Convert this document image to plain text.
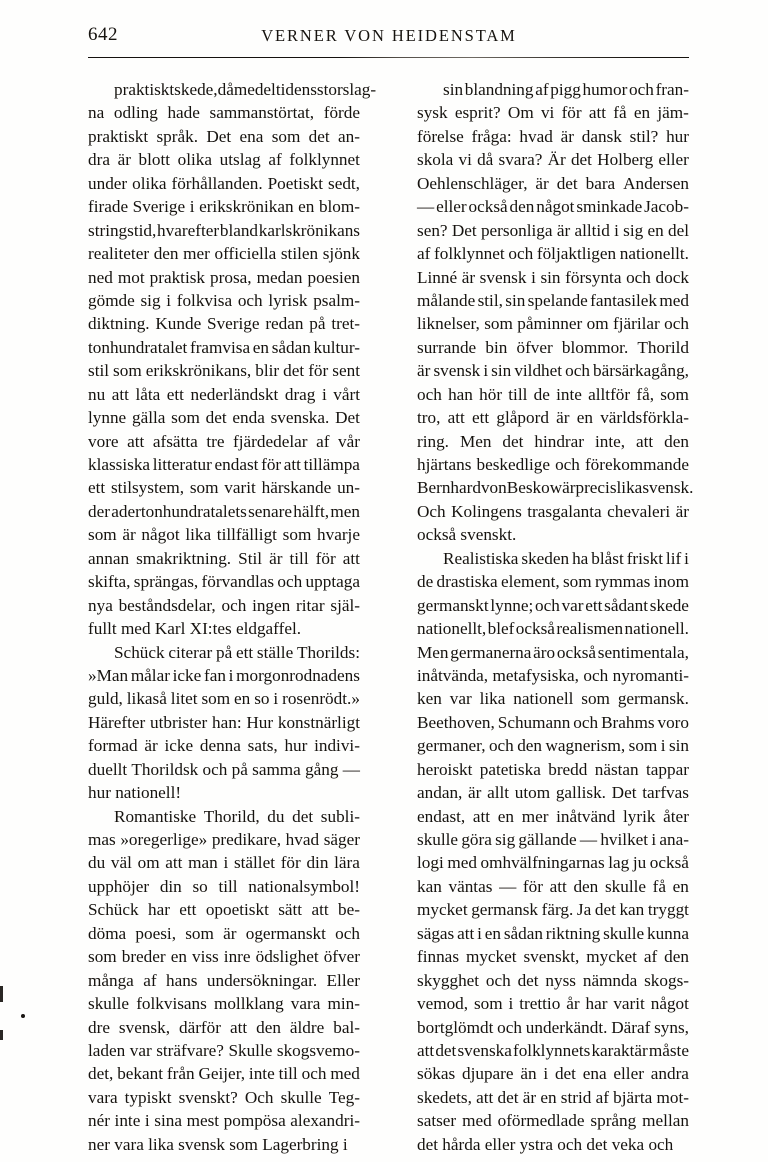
642	VERNER VON HEIDENSTAM
praktiskt skede, då medeltidens storslag-
na odling hade sammanstörtat, förde
praktiskt språk. Det ena som det an-
dra är blott olika utslag af folklynnet
under olika förhållanden. Poetiskt sedt,
firade Sverige i erikskrönikan en blom-
stringstid, hvarefter bland karlskrönikans
realiteter den mer officiella stilen sjönk
ned mot praktisk prosa, medan poesien
gömde sig i folkvisa och lyrisk psalm-
diktning. Kunde Sverige redan på tret-
tonhundratalet framvisa en sådan kultur-
stil som erikskrönikans, blir det för sent
nu att låta ett nederländskt drag i vårt
lynne gälla som det enda svenska. Det
vore att afsätta tre fjärdedelar af vår
klassiska litteratur endast för att tillämpa
ett stilsystem, som varit härskande un-
der adertonhundratalets senare hälft, men
som är något lika tillfälligt som hvarje
annan smakriktning. Stil är till för att
skifta, sprängas, förvandlas och upptaga
nya beståndsdelar, och ingen ritar själ-
fullt med Karl XI:tes eldgaffel.
Schück citerar på ett ställe Thorilds:
»Man målar icke fan i morgonrodnadens
guld, likaså litet som en so i rosenrödt.»
Härefter utbrister han: Hur konstnärligt
formad är icke denna sats, hur indivi-
duellt Thorildsk och på samma gång —
hur nationell!
Romantiske Thorild, du det subli-
mas »oregerlige» predikare, hvad säger
du väl om att man i stället för din lära
upphöjer din so till nationalsymbol!
Schück har ett opoetiskt sätt att be-
döma poesi, som är ogermanskt och
som breder en viss inre ödslighet öfver
många af hans undersökningar. Eller
skulle folkvisans mollklang vara min-
dre svensk, därför att den äldre bal-
laden var sträfvare? Skulle skogsvemo-
det, bekant från Geijer, inte till och med
vara typiskt svenskt? Och skulle Teg-
nér inte i sina mest pompösa alexandri-
ner vara lika svensk som Lagerbring i
sin blandning af pigg humor och fran-
sysk esprit? Om vi för att få en jäm-
förelse fråga: hvad är dansk stil? hur
skola vi då svara? Är det Holberg eller
Oehlenschläger, är det bara Andersen
— eller också den något sminkade Jacob-
sen? Det personliga är alltid i sig en del
af folklynnet och följaktligen nationellt.
Linné är svensk i sin försynta och dock
målande stil, sin spelande fantasilek med
liknelser, som påminner om fjärilar och
surrande bin öfver blommor. Thorild
är svensk i sin vildhet och bärsärkagång,
och han hör till de inte alltför få, som
tro, att ett glåpord är en världsförkla-
ring. Men det hindrar inte, att den
hjärtans beskedlige och förekommande
Bernhard von Beskow är precis lika svensk.
Och Kolingens trasgalanta chevaleri är
också svenskt.
Realistiska skeden ha blåst friskt lif i
de drastiska element, som rymmas inom
germanskt lynne; och var ett sådant skede
nationellt, blef också realismen nationell.
Men germanerna äro också sentimentala,
inåtvända, metafysiska, och nyromanti-
ken var lika nationell som germansk.
Beethoven, Schumann och Brahms voro
germaner, och den wagnerism, som i sin
heroiskt patetiska bredd nästan tappar
andan, är allt utom gallisk. Det tarfvas
endast, att en mer inåtvänd lyrik åter
skulle göra sig gällande — hvilket i ana-
logi med omhvälfningarnas lag ju också
kan väntas — för att den skulle få en
mycket germansk färg. Ja det kan tryggt
sägas att i en sådan riktning skulle kunna
finnas mycket svenskt, mycket af den
skygghet och det nyss nämnda skogs-
vemod, som i trettio år har varit något
bortglömdt och underkändt. Däraf syns,
att det svenska folklynnets karaktär måste
sökas djupare än i det ena eller andra
skedets, att det är en strid af bjärta mot-
satser med oförmedlade språng mellan
det hårda eller ystra och det veka och
